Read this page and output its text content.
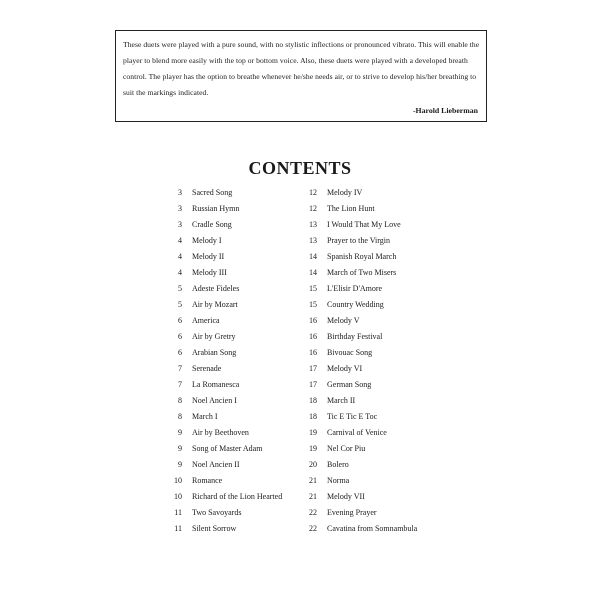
These duets were played with a pure sound, with no stylistic inflections or pronounced vibrato. This will enable the player to blend more easily with the top or bottom voice. Also, these duets were played with a developed breath control. The player has the option to breathe whenever he/she needs air, or to strive to develop his/her breathing to suit the markings indicated.

-Harold Lieberman
CONTENTS
3	Sacred Song
3	Russian Hymn
3	Cradle Song
4	Melody I
4	Melody II
4	Melody III
5	Adeste Fideles
5	Air by Mozart
6	America
6	Air by Gretry
6	Arabian Song
7	Serenade
7	La Romanesca
8	Noel Ancien I
8	March I
9	Air by Beethoven
9	Song of Master Adam
9	Noel Ancien II
10	Romance
10	Richard of the Lion Hearted
11	Two Savoyards
11	Silent Sorrow
12	Melody IV
12	The Lion Hunt
13	I Would That My Love
13	Prayer to the Virgin
14	Spanish Royal March
14	March of Two Misers
15	L'Elisir D'Amore
15	Country Wedding
16	Melody V
16	Birthday Festival
16	Bivouac Song
17	Melody VI
17	German Song
18	March II
18	Tic E Tic E Toc
19	Carnival of Venice
19	Nel Cor Piu
20	Bolero
21	Norma
21	Melody VII
22	Evening Prayer
22	Cavatina from Somnambula
